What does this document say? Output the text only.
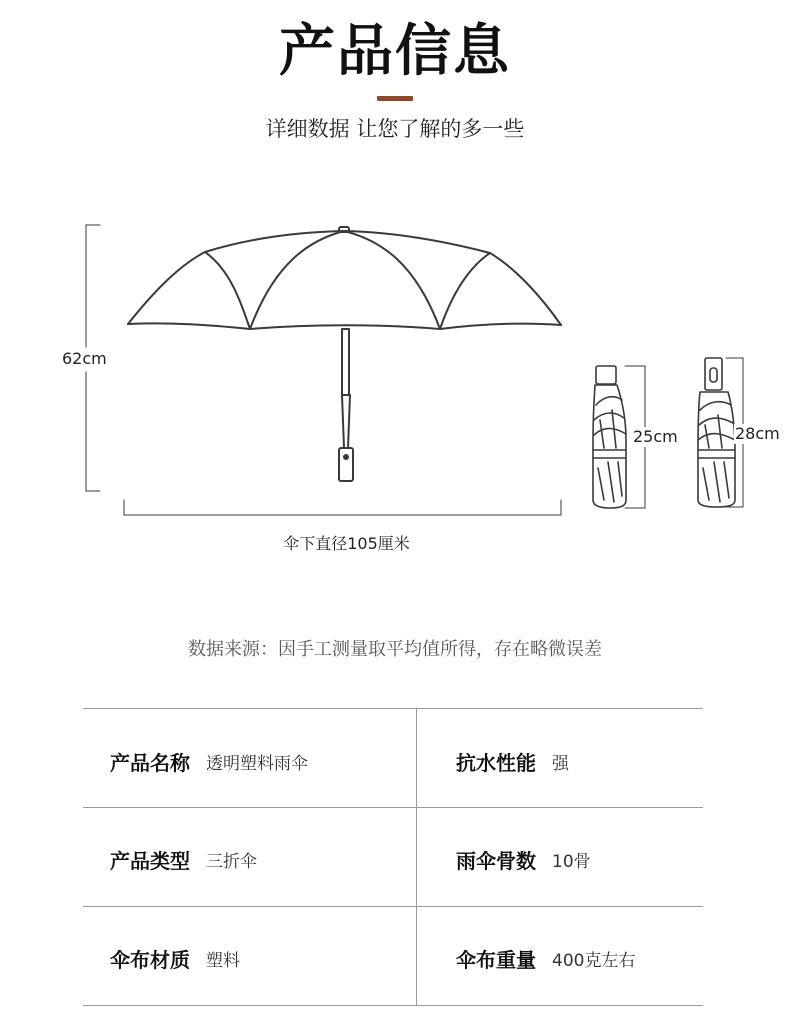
产品信息
详细数据 让您了解的多一些
62cm
伞下直径105厘米
25cm	28cm
数据来源：因手工测量取平均值所得，存在略微误差
产品名称 透明塑料雨伞	抗水性能 强
产品类型 三折伞	雨伞骨数 10骨
伞布材质 塑料	伞布重量 400克左右
